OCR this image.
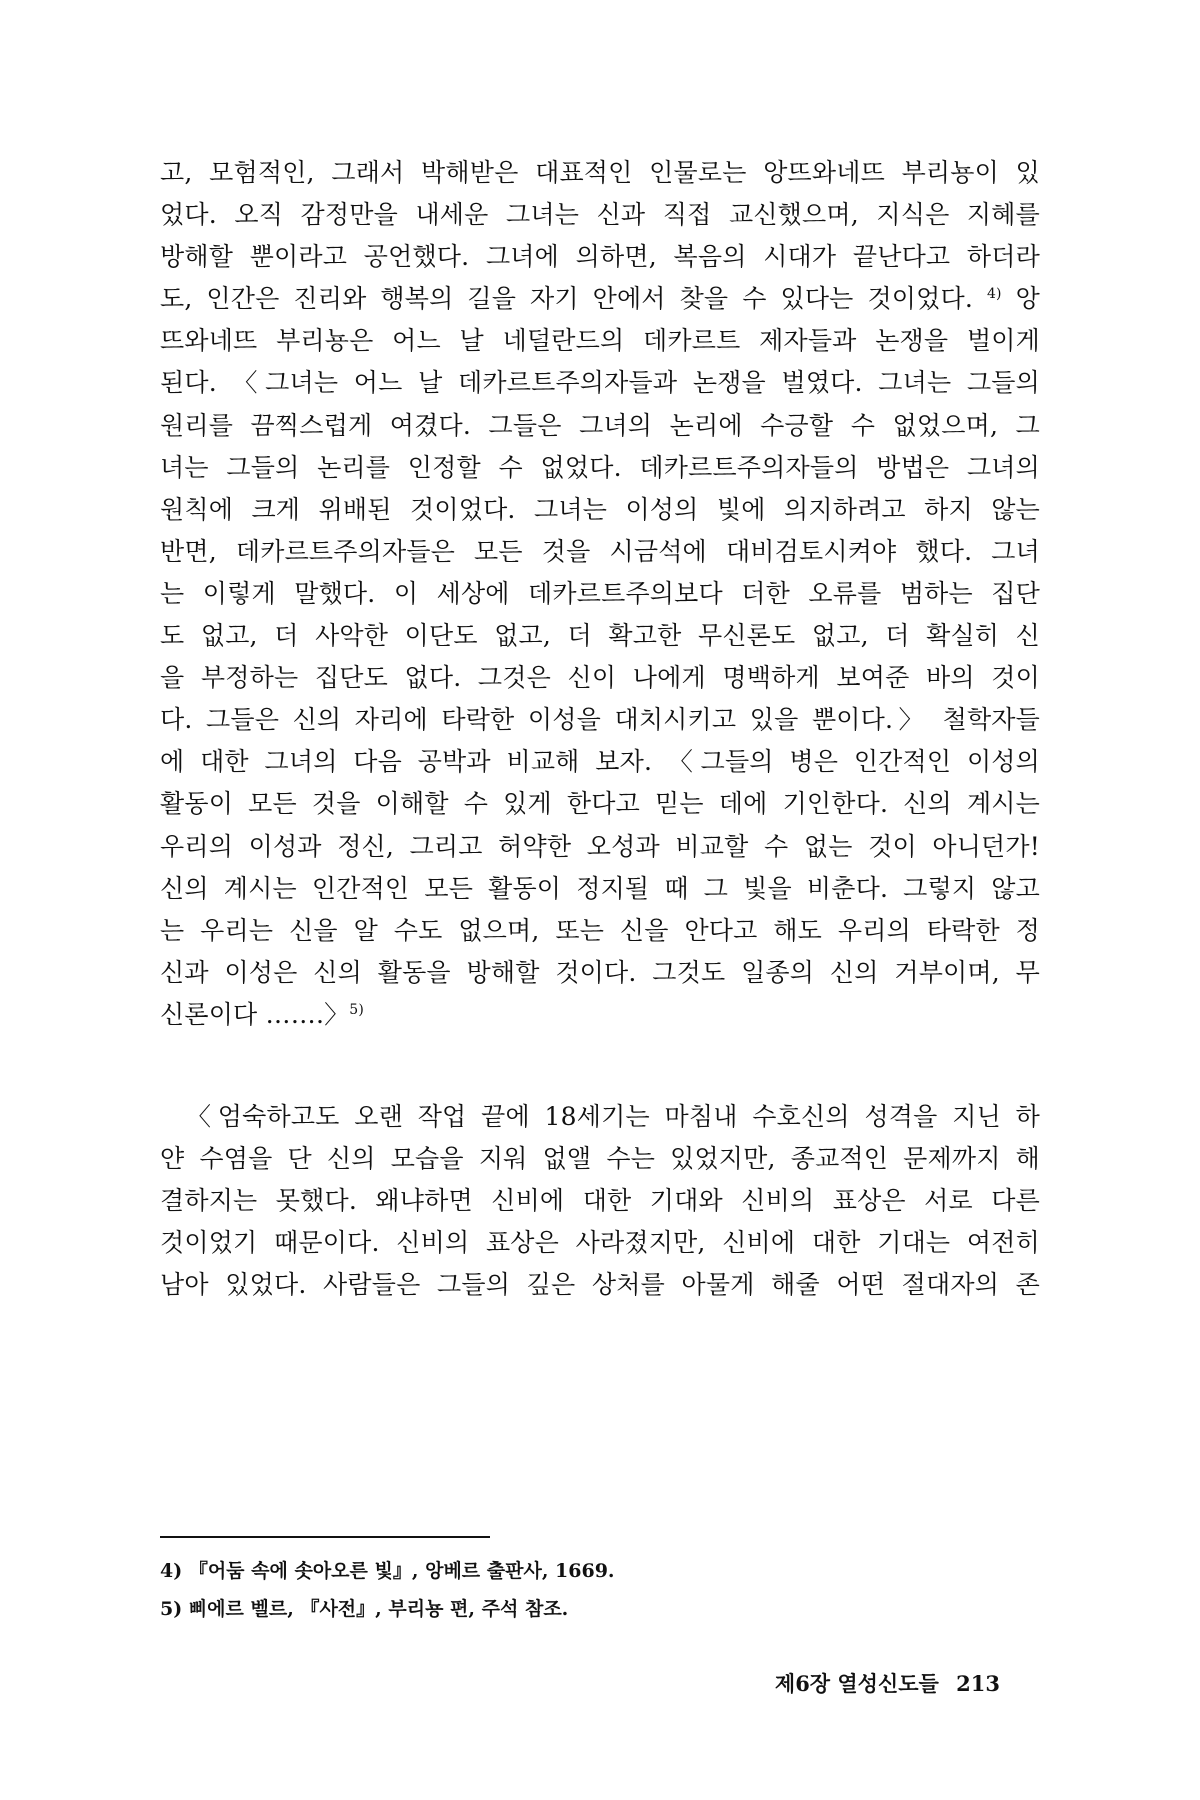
고, 모험적인, 그래서 박해받은 대표적인 인물로는 앙뜨와네뜨 부리뇽이 있
었다. 오직 감정만을 내세운 그녀는 신과 직접 교신했으며, 지식은 지혜를
방해할 뿐이라고 공언했다. 그녀에 의하면, 복음의 시대가 끝난다고 하더라
도, 인간은 진리와 행복의 길을 자기 안에서 찾을 수 있다는 것이었다. $^{4)}$ 앙
뜨와네뜨 부리뇽은 어느 날 네덜란드의 데카르트 제자들과 논쟁을 벌이게
된다. 〈그녀는 어느 날 데카르트주의자들과 논쟁을 벌였다. 그녀는 그들의
원리를 끔찍스럽게 여겼다. 그들은 그녀의 논리에 수긍할 수 없었으며, 그
녀는 그들의 논리를 인정할 수 없었다. 데카르트주의자들의 방법은 그녀의
원칙에 크게 위배된 것이었다. 그녀는 이성의 빛에 의지하려고 하지 않는
반면, 데카르트주의자들은 모든 것을 시금석에 대비검토시켜야 했다. 그녀
는 이렇게 말했다. 이 세상에 데카르트주의보다 더한 오류를 범하는 집단
도 없고, 더 사악한 이단도 없고, 더 확고한 무신론도 없고, 더 확실히 신
을 부정하는 집단도 없다. 그것은 신이 나에게 명백하게 보여준 바의 것이
다. 그들은 신의 자리에 타락한 이성을 대치시키고 있을 뿐이다.〉 철학자들
에 대한 그녀의 다음 공박과 비교해 보자. 〈그들의 병은 인간적인 이성의
활동이 모든 것을 이해할 수 있게 한다고 믿는 데에 기인한다. 신의 계시는
우리의 이성과 정신, 그리고 허약한 오성과 비교할 수 없는 것이 아니던가!
신의 계시는 인간적인 모든 활동이 정지될 때 그 빛을 비춘다. 그렇지 않고
는 우리는 신을 알 수도 없으며, 또는 신을 안다고 해도 우리의 타락한 정
신과 이성은 신의 활동을 방해할 것이다. 그것도 일종의 신의 거부이며, 무
신론이다 …….〉$^{5)}$
〈엄숙하고도 오랜 작업 끝에 18세기는 마침내 수호신의 성격을 지닌 하
얀 수염을 단 신의 모습을 지워 없앨 수는 있었지만, 종교적인 문제까지 해
결하지는 못했다. 왜냐하면 신비에 대한 기대와 신비의 표상은 서로 다른
것이었기 때문이다. 신비의 표상은 사라졌지만, 신비에 대한 기대는 여전히
남아 있었다. 사람들은 그들의 깊은 상처를 아물게 해줄 어떤 절대자의 존
4) 『어둠 속에 솟아오른 빛』, 앙베르 출판사, 1669.
5) 삐에르 벨르, 『사전』, 부리뇽 편, 주석 참조.
제6장 열성신도들 213
